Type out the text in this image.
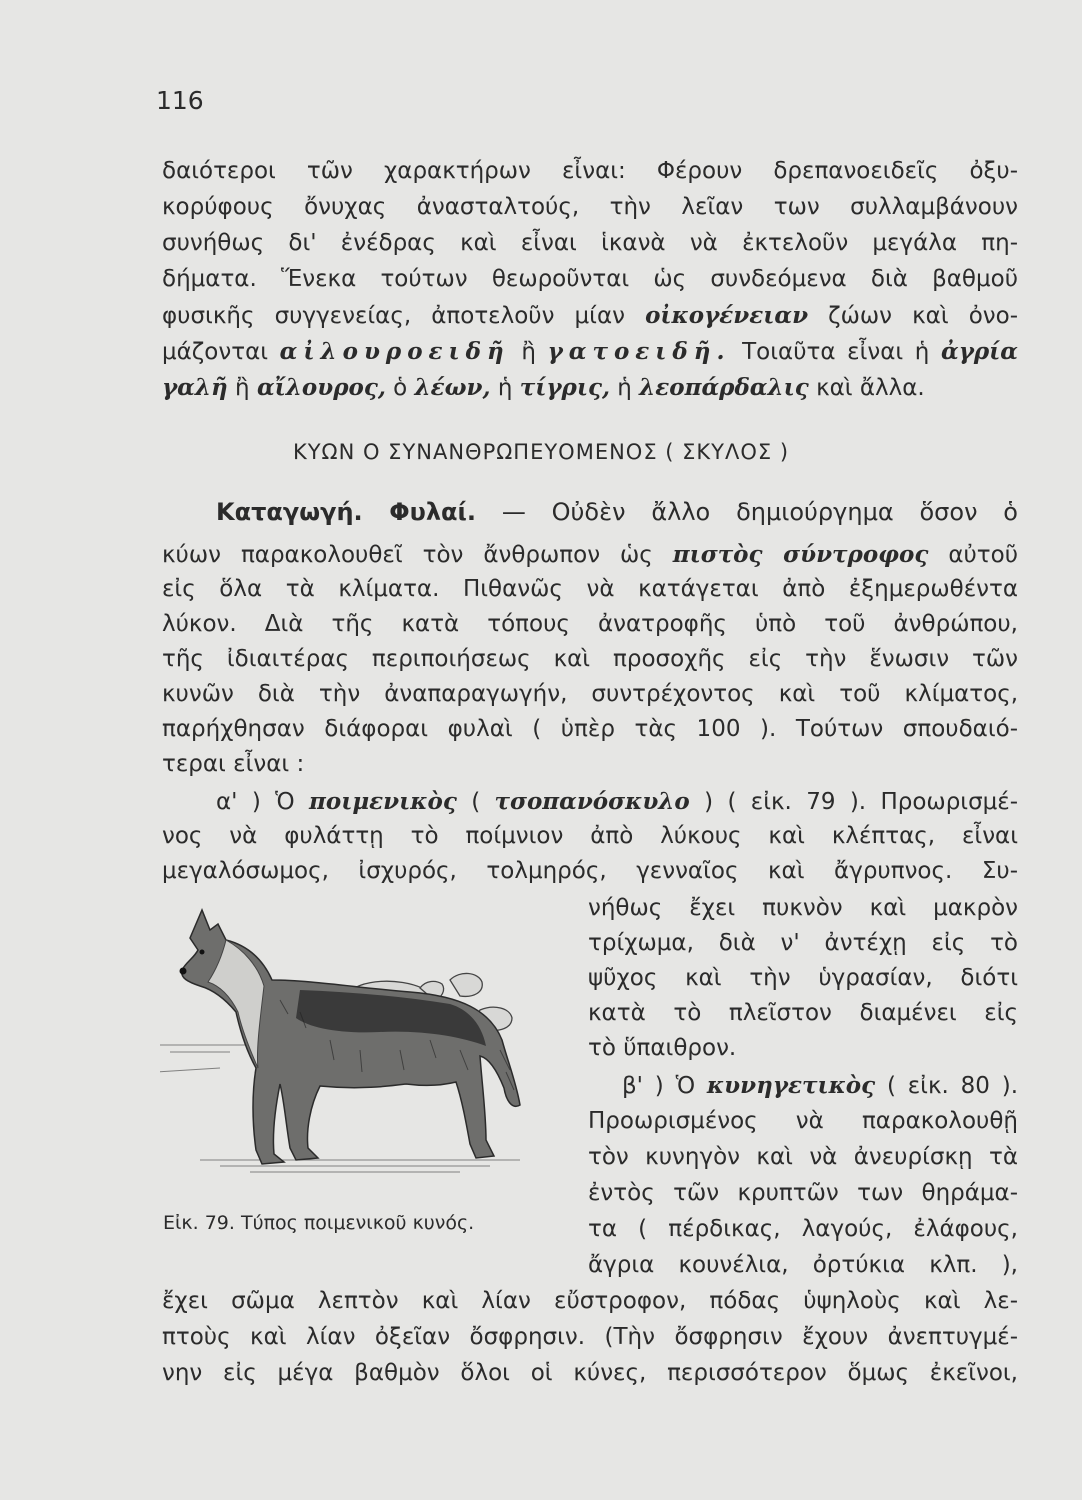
116
δαιότεροι τῶν χαρακτήρων εἶναι: Φέρουν δρεπανοειδεῖς ὀξυ-
κορύφους ὄνυχας ἀνασταλτούς, τὴν λεῖαν των συλλαμβάνουν
συνήθως δι' ἐνέδρας καὶ εἶναι ἱκανὰ νὰ ἐκτελοῦν μεγάλα πη-
δήματα. Ἕνεκα τούτων θεωροῦνται ὡς συνδεόμενα διὰ βαθμοῦ
φυσικῆς συγγενείας, ἀποτελοῦν μίαν οἰκογένειαν ζώων καὶ ὀνο-
μάζονται αἰλουροειδῆ ἢ γατοειδῆ. Τοιαῦτα εἶναι ἡ ἀγρία
γαλῆ ἢ αἴλουρος, ὁ λέων, ἡ τίγρις, ἡ λεοπάρδαλις καὶ ἄλλα.
ΚΥΩΝ Ο ΣΥΝΑΝΘΡΩΠΕΥΟΜΕΝΟΣ ( ΣΚΥΛΟΣ )
Καταγωγή. Φυλαί. — Οὐδὲν ἄλλο δημιούργημα ὅσον ὁ
κύων παρακολουθεῖ τὸν ἄνθρωπον ὡς πιστὸς σύντροφος αὐτοῦ
εἰς ὅλα τὰ κλίματα. Πιθανῶς νὰ κατάγεται ἀπὸ ἐξημερωθέντα
λύκον. Διὰ τῆς κατὰ τόπους ἀνατροφῆς ὑπὸ τοῦ ἀνθρώπου,
τῆς ἰδιαιτέρας περιποιήσεως καὶ προσοχῆς εἰς τὴν ἕνωσιν τῶν
κυνῶν διὰ τὴν ἀναπαραγωγήν, συντρέχοντος καὶ τοῦ κλίματος,
παρήχθησαν διάφοραι φυλαὶ ( ὑπὲρ τὰς 100 ). Τούτων σπουδαιό-
τεραι εἶναι :
α' ) Ὁ ποιμενικὸς ( τσοπανόσκυλο ) ( εἰκ. 79 ). Προωρισμέ-
νος νὰ φυλάττῃ τὸ ποίμνιον ἀπὸ λύκους καὶ κλέπτας, εἶναι
μεγαλόσωμος, ἰσχυρός, τολμηρός, γενναῖος καὶ ἄγρυπνος. Συ-
νήθως ἔχει πυκνὸν καὶ μακρὸν
τρίχωμα, διὰ ν' ἀντέχῃ εἰς τὸ
ψῦχος καὶ τὴν ὑγρασίαν, διότι
κατὰ τὸ πλεῖστον διαμένει εἰς
τὸ ὕπαιθρον.
β' ) Ὁ κυνηγετικὸς ( εἰκ. 80 ).
Προωρισμένος νὰ παρακολουθῇ
τὸν κυνηγὸν καὶ νὰ ἀνευρίσκῃ τὰ
ἐντὸς τῶν κρυπτῶν των θηράμα-
τα ( πέρδικας, λαγούς, ἐλάφους,
ἄγρια κουνέλια, ὀρτύκια κλπ. ),
ἔχει σῶμα λεπτὸν καὶ λίαν εὔστροφον, πόδας ὑψηλοὺς καὶ λε-
πτοὺς καὶ λίαν ὀξεῖαν ὄσφρησιν. (Τὴν ὄσφρησιν ἔχουν ἀνεπτυγμέ-
νην εἰς μέγα βαθμὸν ὅλοι οἱ κύνες, περισσότερον ὅμως ἐκεῖνοι,
Εἰκ. 79. Τύπος ποιμενικοῦ κυνός.
